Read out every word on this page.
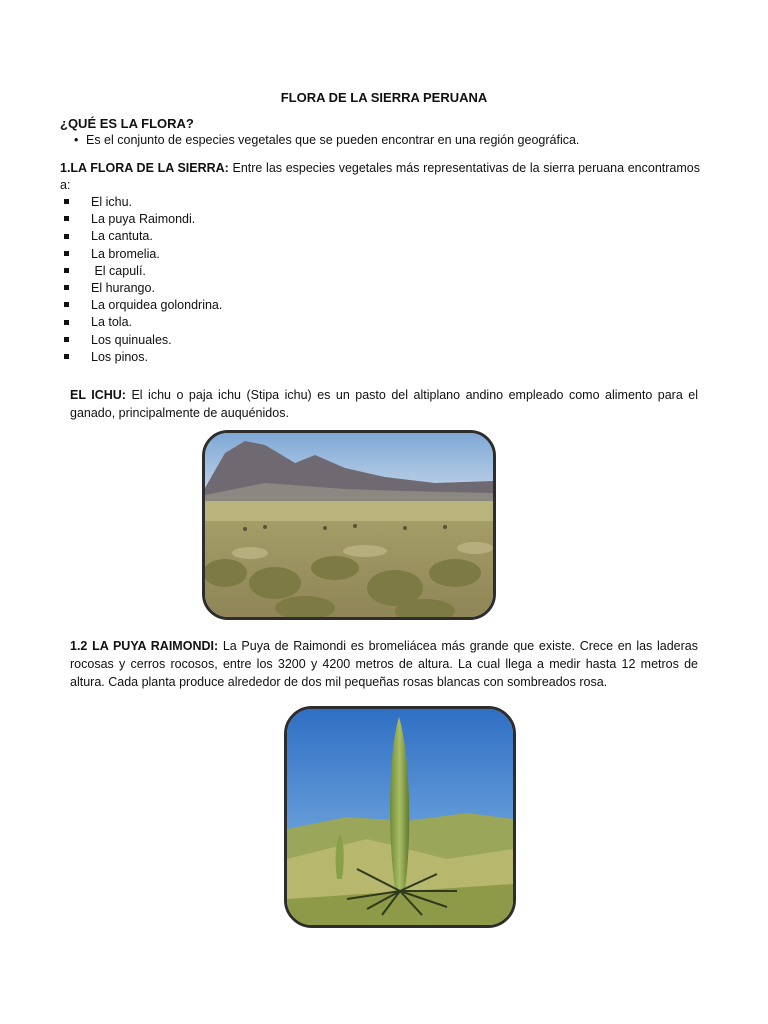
FLORA DE LA SIERRA PERUANA
¿QUÉ ES LA FLORA?
• Es el conjunto de especies vegetales que se pueden encontrar en una región geográfica.
1.LA FLORA DE LA SIERRA: Entre las especies vegetales más representativas de la sierra peruana encontramos a:
El ichu.
La puya Raimondi.
La cantuta.
La bromelia.
El capulí.
El hurango.
La orquidea golondrina.
La tola.
Los quinuales.
Los pinos.
EL ICHU: El ichu o paja ichu (Stipa ichu) es un pasto del altiplano andino empleado como alimento para el ganado, principalmente de auquénidos.
1.2 LA PUYA RAIMONDI: La Puya de Raimondi es bromeliácea más grande que existe. Crece en las laderas rocosas y cerros rocosos, entre los 3200 y 4200 metros de altura. La cual llega a medir hasta 12 metros de altura. Cada planta produce alrededor de dos mil pequeñas rosas blancas con sombreados rosa.
